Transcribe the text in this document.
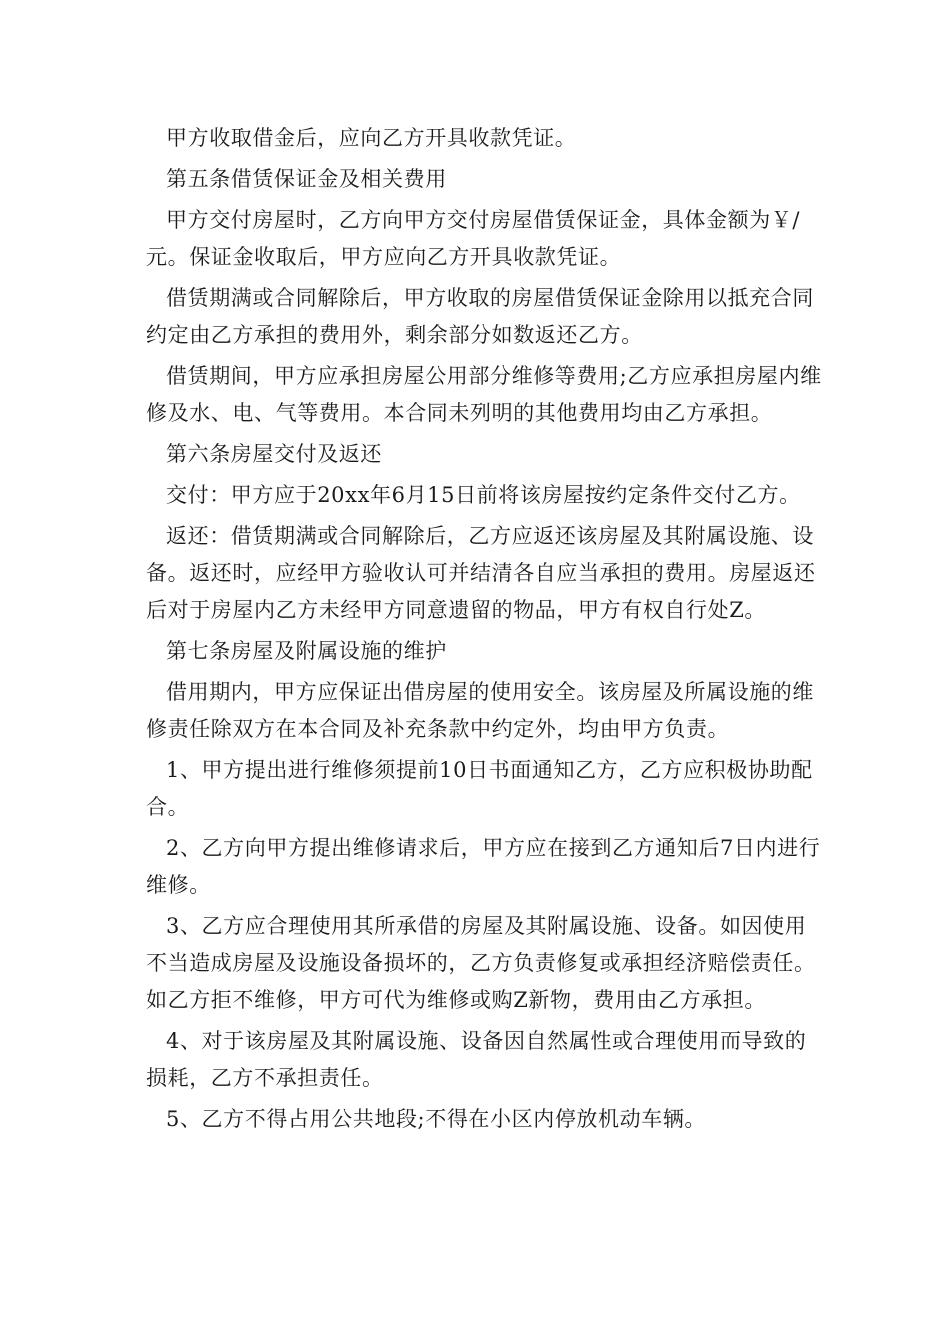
甲方收取借金后，应向乙方开具收款凭证。

第五条借赁保证金及相关费用

甲方交付房屋时，乙方向甲方交付房屋借赁保证金，具体金额为￥/元。保证金收取后，甲方应向乙方开具收款凭证。

借赁期满或合同解除后，甲方收取的房屋借赁保证金除用以抵充合同约定由乙方承担的费用外，剩余部分如数返还乙方。

借赁期间，甲方应承担房屋公用部分维修等费用;乙方应承担房屋内维修及水、电、气等费用。本合同未列明的其他费用均由乙方承担。

第六条房屋交付及返还

交付：甲方应于20xx年6月15日前将该房屋按约定条件交付乙方。

返还：借赁期满或合同解除后，乙方应返还该房屋及其附属设施、设备。返还时，应经甲方验收认可并结清各自应当承担的费用。房屋返还后对于房屋内乙方未经甲方同意遗留的物品，甲方有权自行处Z。

第七条房屋及附属设施的维护

借用期内，甲方应保证出借房屋的使用安全。该房屋及所属设施的维修责任除双方在本合同及补充条款中约定外，均由甲方负责。

1、甲方提出进行维修须提前10日书面通知乙方，乙方应积极协助配合。

2、乙方向甲方提出维修请求后，甲方应在接到乙方通知后7日内进行维修。

3、乙方应合理使用其所承借的房屋及其附属设施、设备。如因使用不当造成房屋及设施设备损坏的，乙方负责修复或承担经济赔偿责任。如乙方拒不维修，甲方可代为维修或购Z新物，费用由乙方承担。

4、对于该房屋及其附属设施、设备因自然属性或合理使用而导致的损耗，乙方不承担责任。

5、乙方不得占用公共地段;不得在小区内停放机动车辆。
